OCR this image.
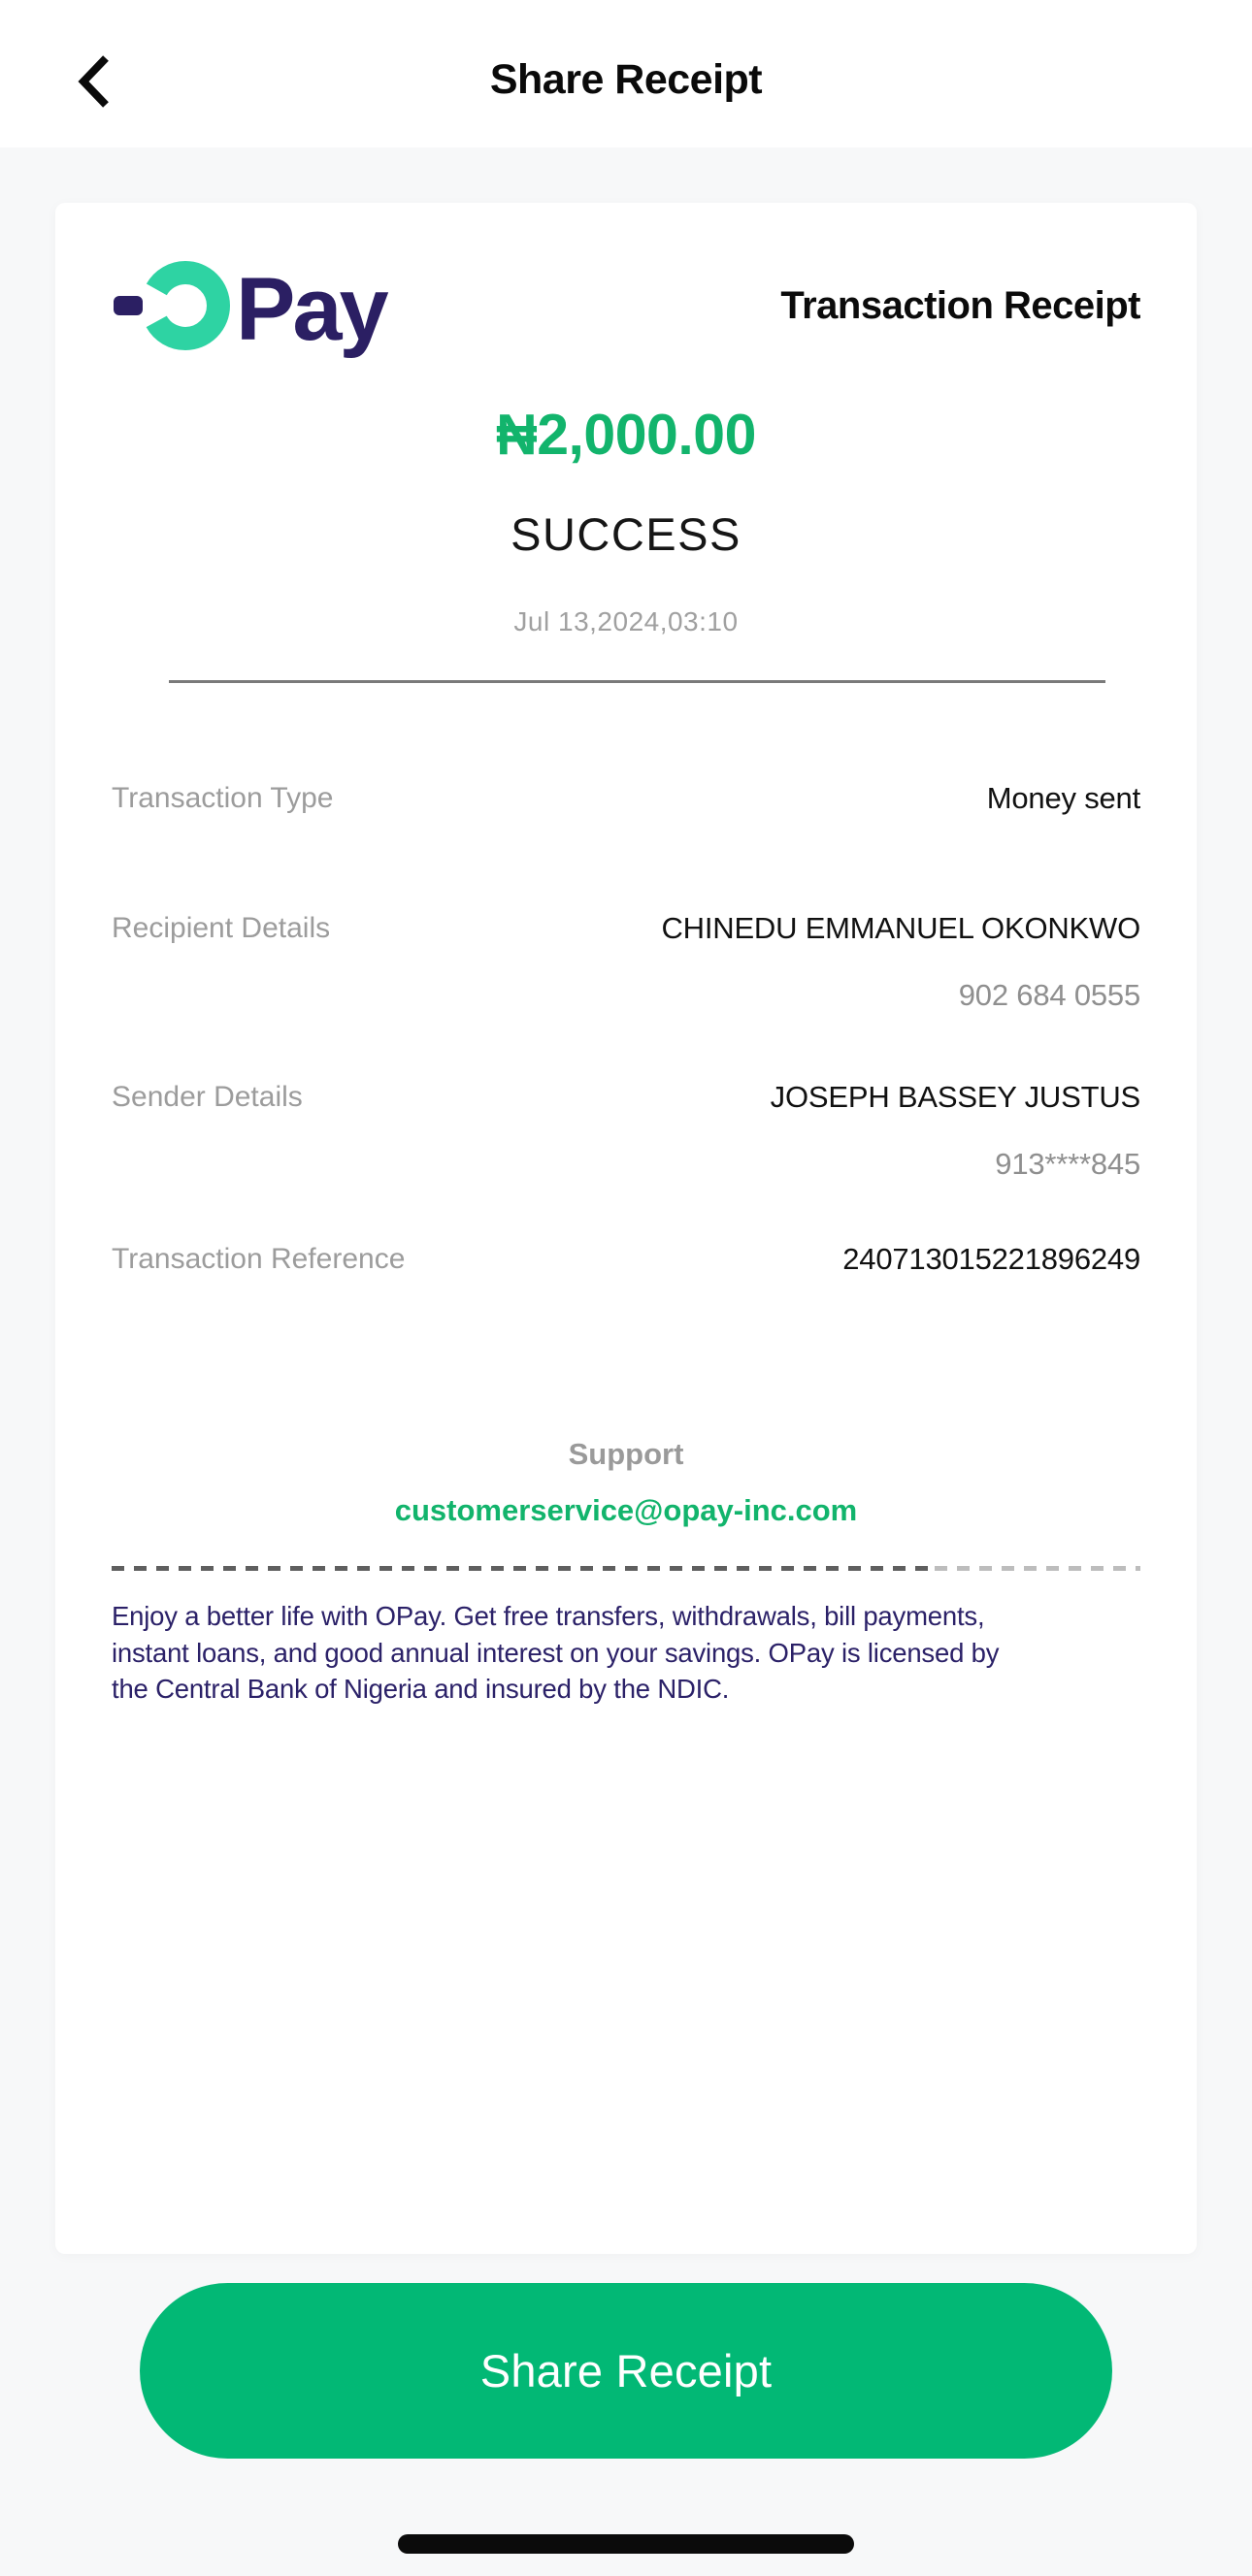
Share Receipt
Pay	Transaction Receipt
₦2,000.00
SUCCESS
Jul 13,2024,03:10
Transaction Type	Money sent
Recipient Details	CHINEDU EMMANUEL OKONKWO
902 684 0555
Sender Details	JOSEPH BASSEY JUSTUS
913****845
Transaction Reference	240713015221896249
Support
customerservice@opay-inc.com
Enjoy a better life with OPay. Get free transfers, withdrawals, bill payments,
instant loans, and good annual interest on your savings. OPay is licensed by
the Central Bank of Nigeria and insured by the NDIC.
Share Receipt
